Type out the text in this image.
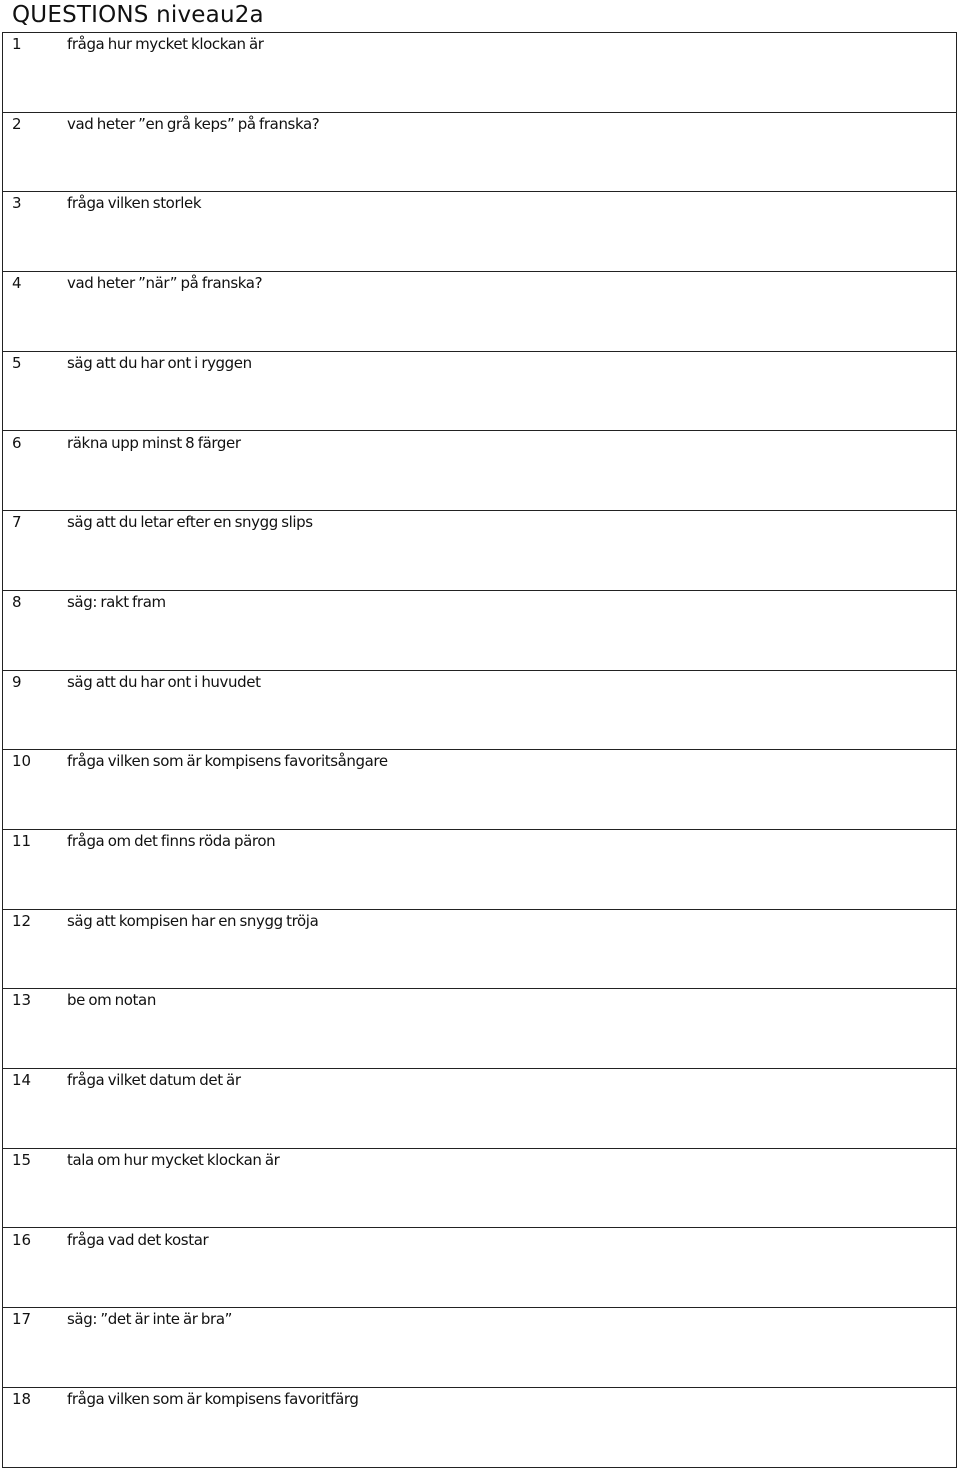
QUESTIONS niveau2a
1	fråga hur mycket klockan är
2	vad heter ”en grå keps” på franska?
3	fråga vilken storlek
4	vad heter ”när” på franska?
5	säg att du har ont i ryggen
6	räkna upp minst 8 färger
7	säg att du letar efter en snygg slips
8	säg: rakt fram
9	säg att du har ont i huvudet
10 fråga vilken som är kompisens favoritsångare
11 fråga om det finns röda päron
12 säg att kompisen har en snygg tröja
13 be om notan
14 fråga vilket datum det är
15 tala om hur mycket klockan är
16 fråga vad det kostar
17 säg: ”det är inte är bra”
18 fråga vilken som är kompisens favoritfärg
